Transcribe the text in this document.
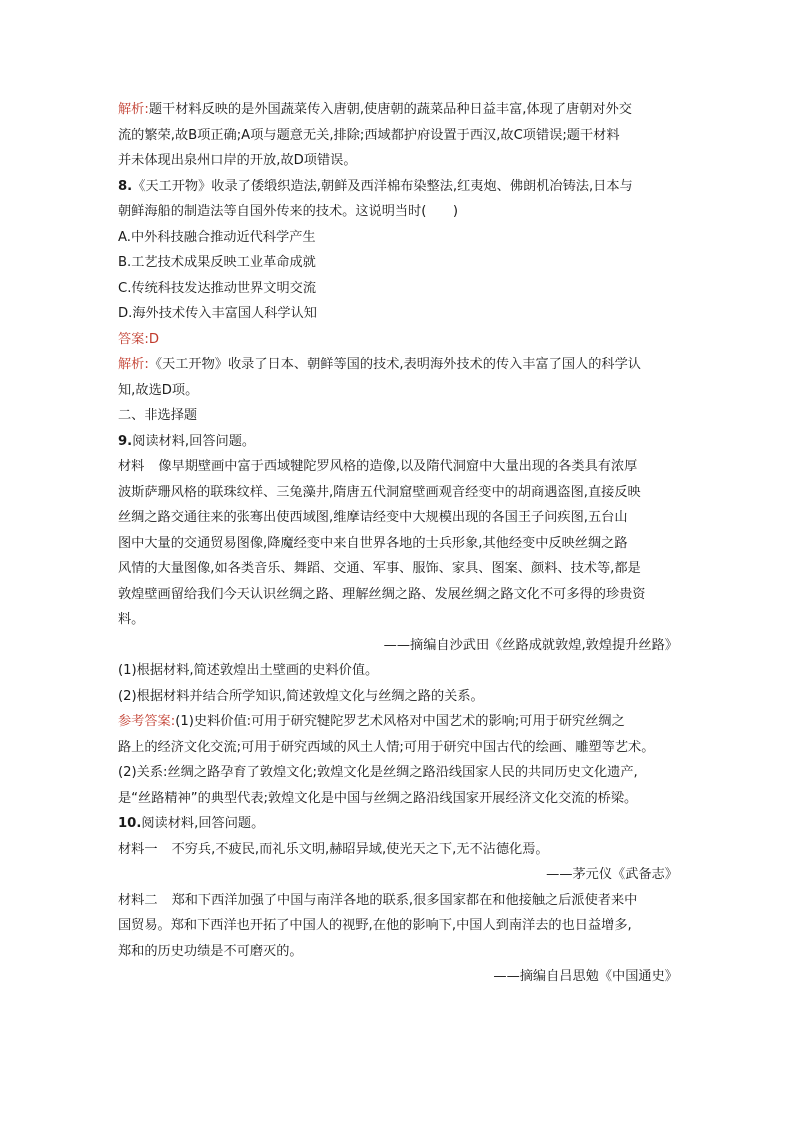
解析:题干材料反映的是外国蔬菜传入唐朝,使唐朝的蔬菜品种日益丰富,体现了唐朝对外交
流的繁荣,故B项正确;A项与题意无关,排除;西域都护府设置于西汉,故C项错误;题干材料
并未体现出泉州口岸的开放,故D项错误。
8.《天工开物》收录了倭缎织造法,朝鲜及西洋棉布染整法,红夷炮、佛朗机冶铸法,日本与
朝鲜海船的制造法等自国外传来的技术。这说明当时(　　)
A.中外科技融合推动近代科学产生
B.工艺技术成果反映工业革命成就
C.传统科技发达推动世界文明交流
D.海外技术传入丰富国人科学认知
答案:D
解析:《天工开物》收录了日本、朝鲜等国的技术,表明海外技术的传入丰富了国人的科学认
知,故选D项。
二、非选择题
9.阅读材料,回答问题。
材料 像早期壁画中富于西域犍陀罗风格的造像,以及隋代洞窟中大量出现的各类具有浓厚
波斯萨珊风格的联珠纹样、三兔藻井,隋唐五代洞窟壁画观音经变中的胡商遇盗图,直接反映
丝绸之路交通往来的张骞出使西域图,维摩诘经变中大规模出现的各国王子问疾图,五台山
图中大量的交通贸易图像,降魔经变中来自世界各地的士兵形象,其他经变中反映丝绸之路
风情的大量图像,如各类音乐、舞蹈、交通、军事、服饰、家具、图案、颜料、技术等,都是
敦煌壁画留给我们今天认识丝绸之路、理解丝绸之路、发展丝绸之路文化不可多得的珍贵资
料。
——摘编自沙武田《丝路成就敦煌,敦煌提升丝路》
(1)根据材料,简述敦煌出土壁画的史料价值。
(2)根据材料并结合所学知识,简述敦煌文化与丝绸之路的关系。
参考答案:(1)史料价值:可用于研究犍陀罗艺术风格对中国艺术的影响;可用于研究丝绸之
路上的经济文化交流;可用于研究西域的风土人情;可用于研究中国古代的绘画、雕塑等艺术。
(2)关系:丝绸之路孕育了敦煌文化;敦煌文化是丝绸之路沿线国家人民的共同历史文化遗产,
是“丝路精神”的典型代表;敦煌文化是中国与丝绸之路沿线国家开展经济文化交流的桥梁。
10.阅读材料,回答问题。
材料一 不穷兵,不疲民,而礼乐文明,赫昭异域,使光天之下,无不沾德化焉。
——茅元仪《武备志》
材料二 郑和下西洋加强了中国与南洋各地的联系,很多国家都在和他接触之后派使者来中
国贸易。郑和下西洋也开拓了中国人的视野,在他的影响下,中国人到南洋去的也日益增多,
郑和的历史功绩是不可磨灭的。
——摘编自吕思勉《中国通史》
